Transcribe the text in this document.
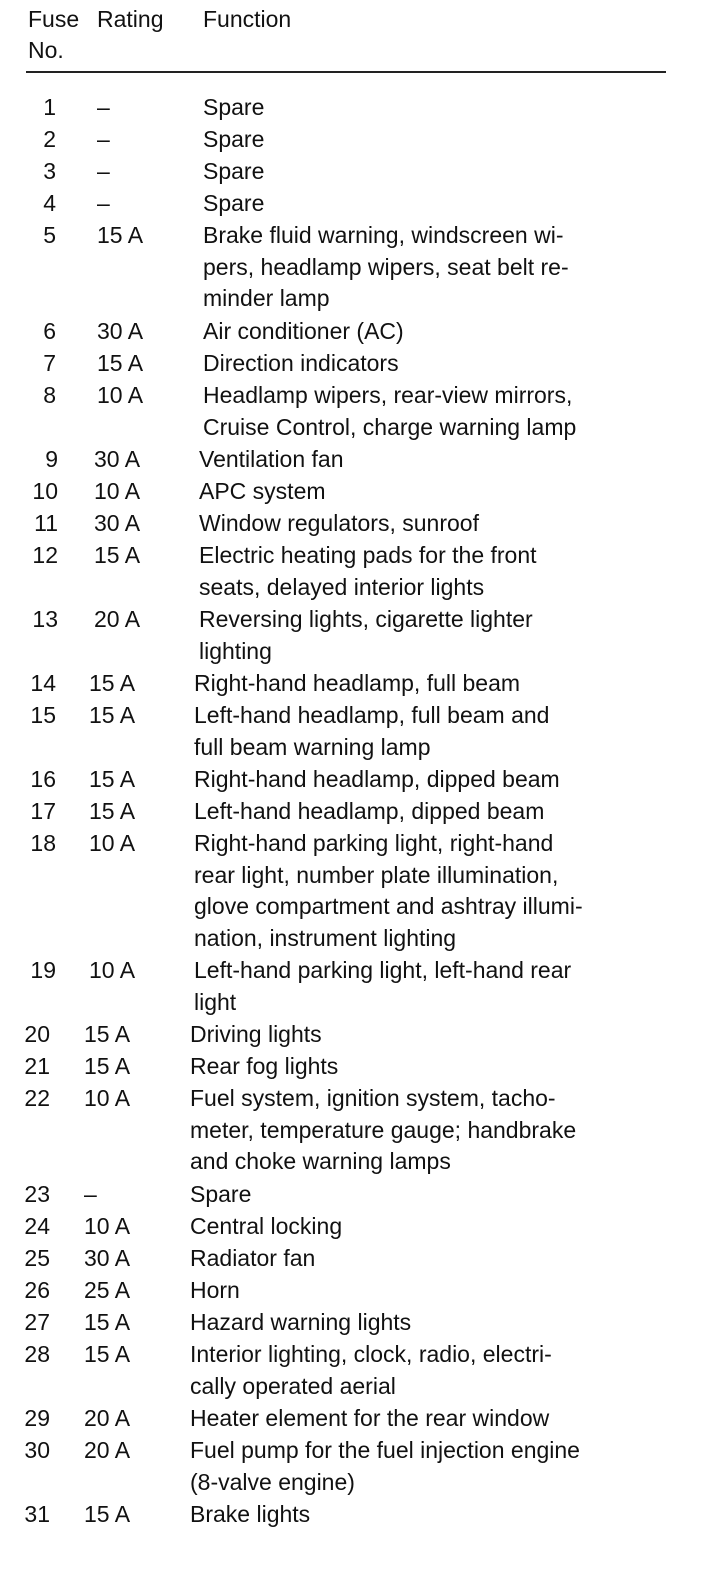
Fuse
No.
Rating	Function
1 –	Spare
2 –	Spare
3 –	Spare
4 –	Spare
5 15 A	Brake fluid warning, windscreen wi-
pers, headlamp wipers, seat belt re-
minder lamp
6 30 A	Air conditioner (AC)
7 15 A	Direction indicators
8 10 A	Headlamp wipers, rear-view mirrors,
Cruise Control, charge warning lamp
9 30 A	Ventilation fan
10 10 A	APC system
11 30 A	Window regulators, sunroof
12 15 A	Electric heating pads for the front
seats, delayed interior lights
13 20 A	Reversing lights, cigarette lighter
lighting
14 15 A	Right-hand headlamp, full beam
15 15 A	Left-hand headlamp, full beam and
full beam warning lamp
16 15 A	Right-hand headlamp, dipped beam
17 15 A	Left-hand headlamp, dipped beam
18 10 A	Right-hand parking light, right-hand
rear light, number plate illumination,
glove compartment and ashtray illumi-
nation, instrument lighting
19 10 A	Left-hand parking light, left-hand rear
light
20 15 A	Driving lights
21 15 A	Rear fog lights
22 10 A	Fuel system, ignition system, tacho-
meter, temperature gauge; handbrake
and choke warning lamps
23 –	Spare
24 10 A	Central locking
25 30 A	Radiator fan
26 25 A	Horn
27 15 A	Hazard warning lights
28 15 A	Interior lighting, clock, radio, electri-
cally operated aerial
29 20 A	Heater element for the rear window
30 20 A	Fuel pump for the fuel injection engine
(8-valve engine)
31 15 A	Brake lights
